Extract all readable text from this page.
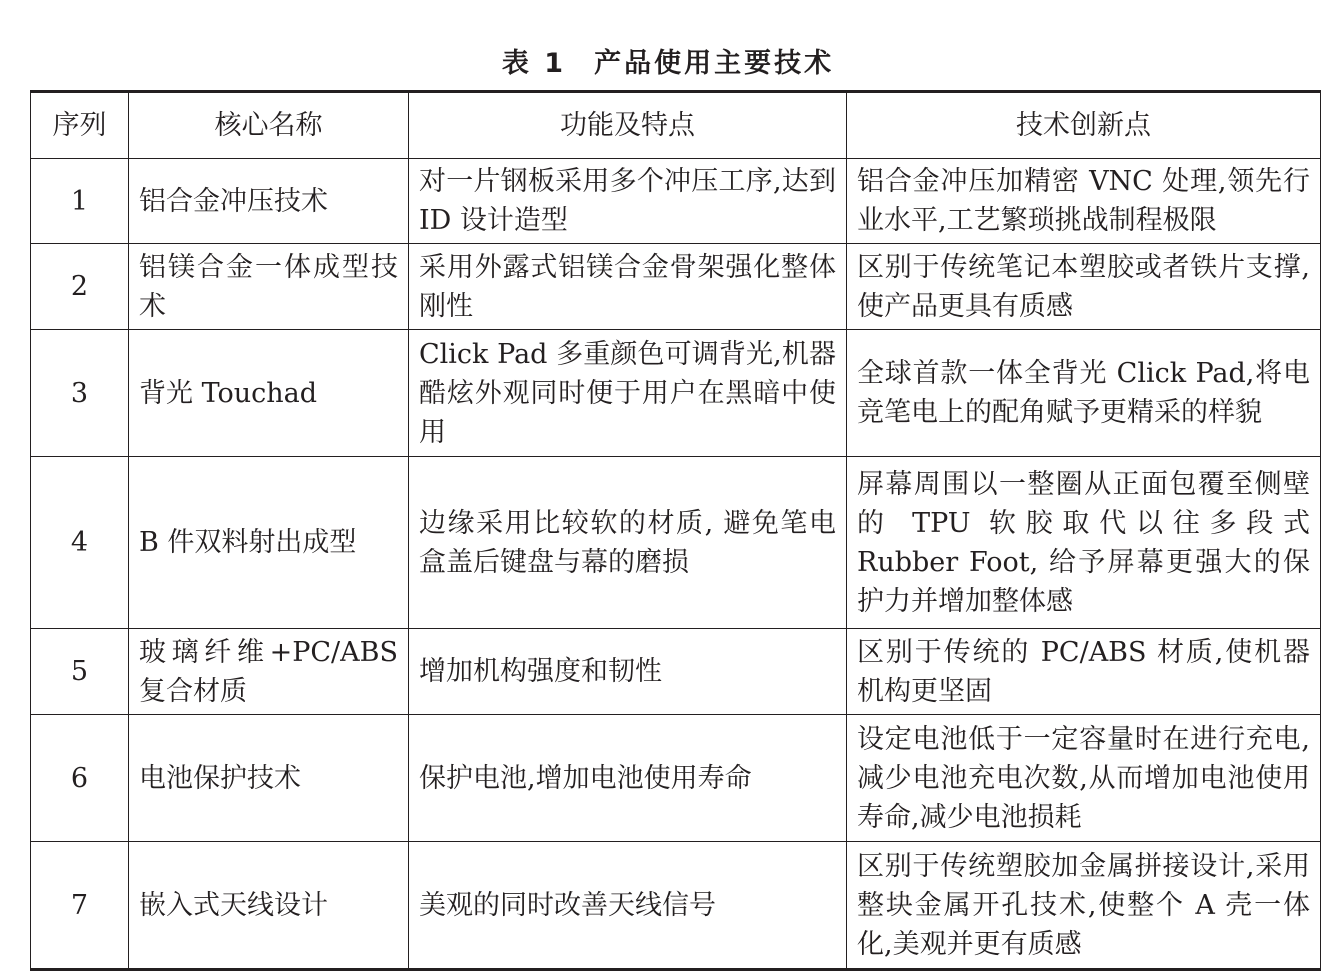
表 1 产品使用主要技术
序列	核心名称	功能及特点	技术创新点
1	铝合金冲压技术	对一片钢板采用多个冲压工序,达到 ID 设计造型	铝合金冲压加精密 VNC 处理,领先行业水平,工艺繁琐挑战制程极限
2	铝镁合金一体成型技术	采用外露式铝镁合金骨架强化整体刚性	区别于传统笔记本塑胶或者铁片支撑,使产品更具有质感
3	背光 Touchad	Click Pad 多重颜色可调背光,机器酷炫外观同时便于用户在黑暗中使用	全球首款一体全背光 Click Pad,将电竞笔电上的配角赋予更精采的样貌
4	B 件双料射出成型	边缘采用比较软的材质, 避免笔电盒盖后键盘与幕的磨损	屏幕周围以一整圈从正面包覆至侧壁的 TPU 软胶取代以往多段式 Rubber Foot, 给予屏幕更强大的保护力并增加整体感
5	玻璃纤维+PC/ABS 复合材质	增加机构强度和韧性	区别于传统的 PC/ABS 材质,使机器机构更坚固
6	电池保护技术	保护电池,增加电池使用寿命	设定电池低于一定容量时在进行充电,减少电池充电次数,从而增加电池使用寿命,减少电池损耗
7	嵌入式天线设计	美观的同时改善天线信号	区别于传统塑胶加金属拼接设计,采用整块金属开孔技术,使整个 A 壳一体化,美观并更有质感
